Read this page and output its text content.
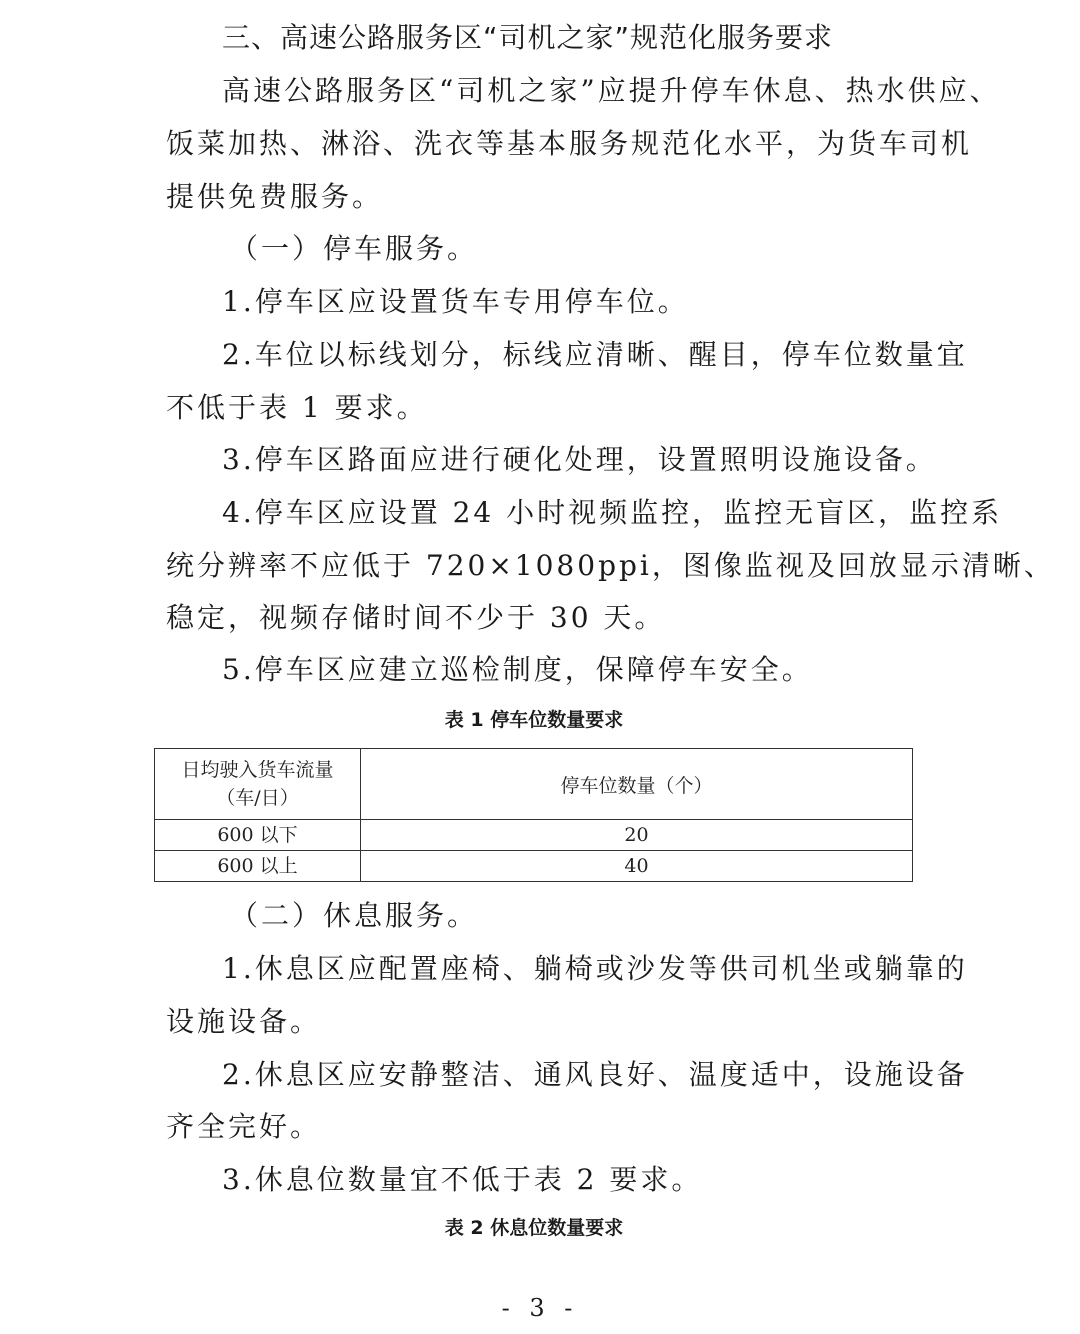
三、高速公路服务区“司机之家”规范化服务要求
高速公路服务区“司机之家”应提升停车休息、热水供应、
饭菜加热、淋浴、洗衣等基本服务规范化水平，为货车司机
提供免费服务。
（一）停车服务。
1.停车区应设置货车专用停车位。
2.车位以标线划分，标线应清晰、醒目，停车位数量宜
不低于表 1 要求。
3.停车区路面应进行硬化处理，设置照明设施设备。
4.停车区应设置 24 小时视频监控，监控无盲区，监控系
统分辨率不应低于 720×1080ppi，图像监视及回放显示清晰、
稳定，视频存储时间不少于 30 天。
5.停车区应建立巡检制度，保障停车安全。
表 1 停车位数量要求
日均驶入货车流量
（车/日）	停车位数量（个）
600 以下	20
600 以上	40
（二）休息服务。
1.休息区应配置座椅、躺椅或沙发等供司机坐或躺靠的
设施设备。
2.休息区应安静整洁、通风良好、温度适中，设施设备
齐全完好。
3.休息位数量宜不低于表 2 要求。
表 2 休息位数量要求
- 3 -
